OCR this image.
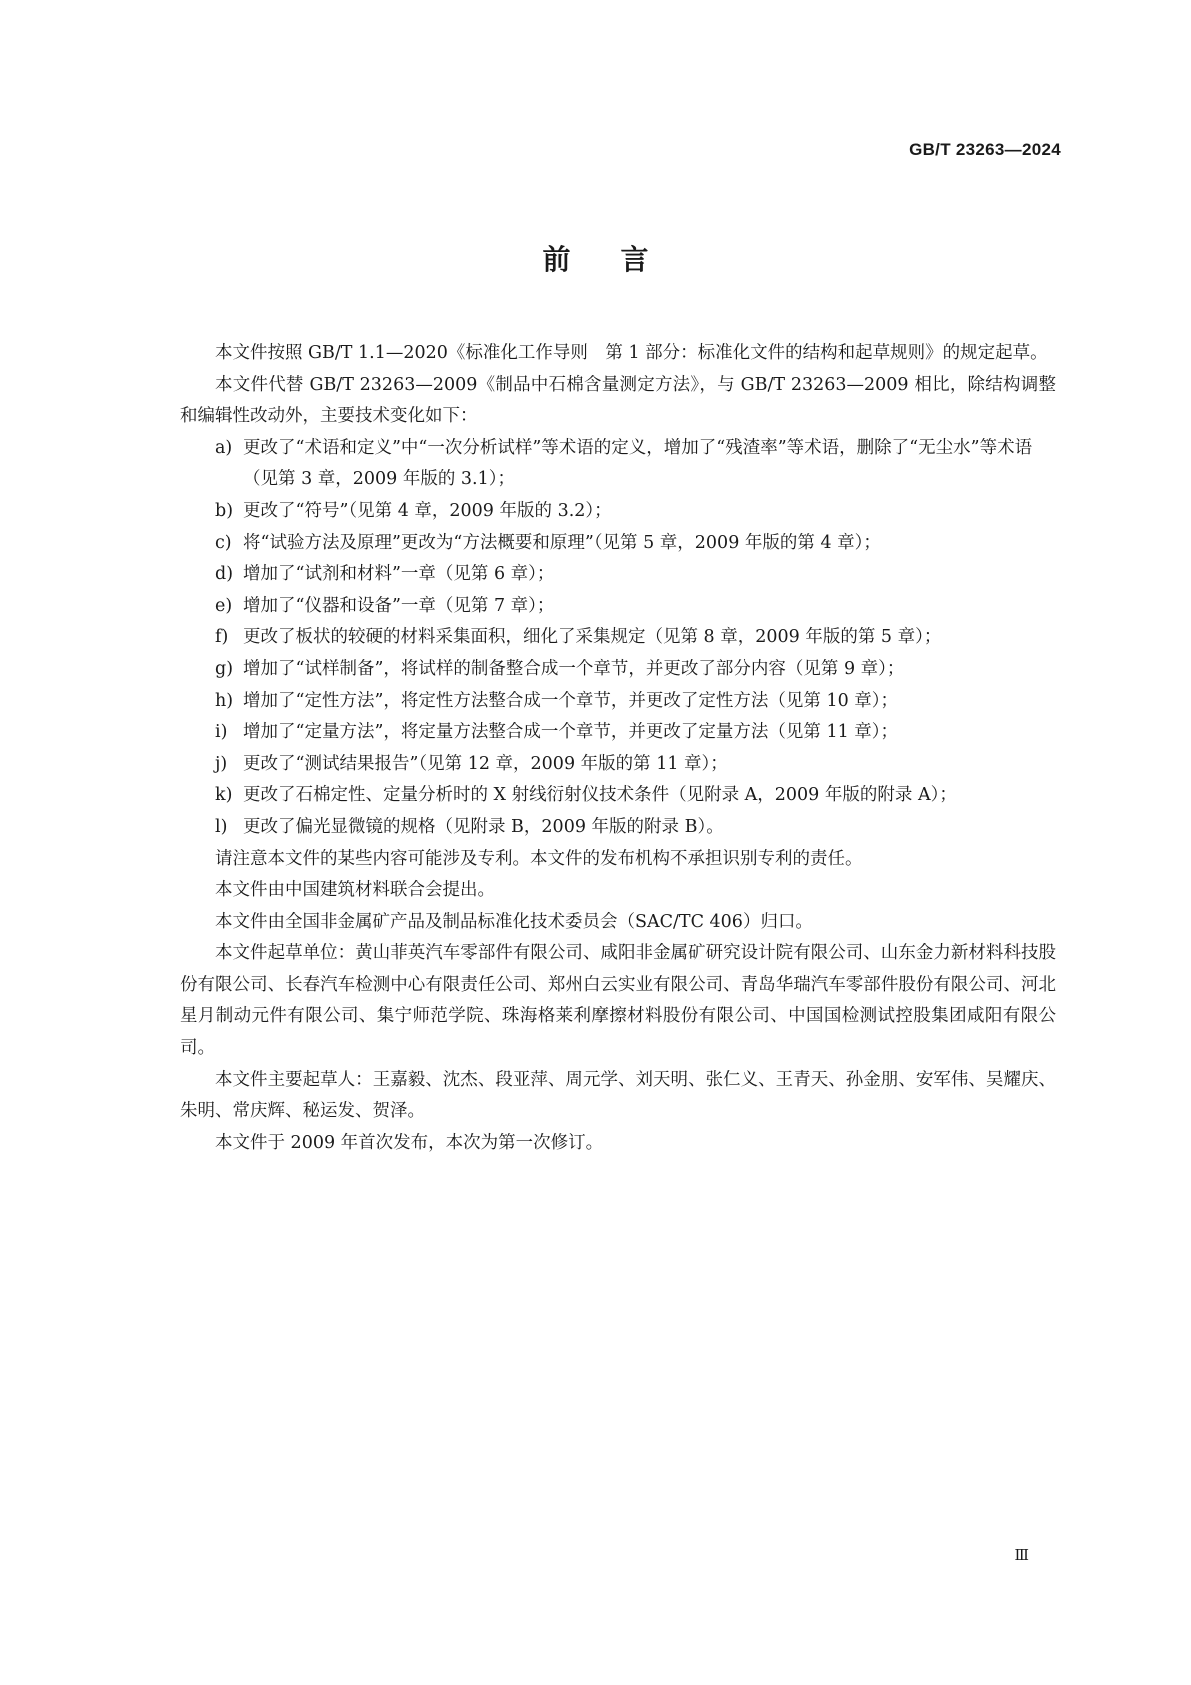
GB/T 23263—2024
前言

本文件按照 GB/T 1.1—2020《标准化工作导则　第 1 部分：标准化文件的结构和起草规则》的规定起草。

本文件代替 GB/T 23263—2009《制品中石棉含量测定方法》，与 GB/T 23263—2009 相比，除结构调整和编辑性改动外，主要技术变化如下：

a) 更改了“术语和定义”中“一次分析试样”等术语的定义，增加了“残渣率”等术语，删除了“无尘水”等术语（见第 3 章，2009 年版的 3.1）；
b) 更改了“符号”（见第 4 章，2009 年版的 3.2）；
c) 将“试验方法及原理”更改为“方法概要和原理”（见第 5 章，2009 年版的第 4 章）；
d) 增加了“试剂和材料”一章（见第 6 章）；
e) 增加了“仪器和设备”一章（见第 7 章）；
f) 更改了板状的较硬的材料采集面积，细化了采集规定（见第 8 章，2009 年版的第 5 章）；
g) 增加了“试样制备”，将试样的制备整合成一个章节，并更改了部分内容（见第 9 章）；
h) 增加了“定性方法”，将定性方法整合成一个章节，并更改了定性方法（见第 10 章）；
i) 增加了“定量方法”，将定量方法整合成一个章节，并更改了定量方法（见第 11 章）；
j) 更改了“测试结果报告”（见第 12 章，2009 年版的第 11 章）；
k) 更改了石棉定性、定量分析时的 X 射线衍射仪技术条件（见附录 A，2009 年版的附录 A）；
l) 更改了偏光显微镜的规格（见附录 B，2009 年版的附录 B）。

请注意本文件的某些内容可能涉及专利。本文件的发布机构不承担识别专利的责任。

本文件由中国建筑材料联合会提出。

本文件由全国非金属矿产品及制品标准化技术委员会（SAC/TC 406）归口。

本文件起草单位：黄山菲英汽车零部件有限公司、咸阳非金属矿研究设计院有限公司、山东金力新材料科技股份有限公司、长春汽车检测中心有限责任公司、郑州白云实业有限公司、青岛华瑞汽车零部件股份有限公司、河北星月制动元件有限公司、集宁师范学院、珠海格莱利摩擦材料股份有限公司、中国国检测试控股集团咸阳有限公司。

本文件主要起草人：王嘉毅、沈杰、段亚萍、周元学、刘天明、张仁义、王青天、孙金朋、安军伟、吴耀庆、朱明、常庆辉、秘运发、贺泽。

本文件于 2009 年首次发布，本次为第一次修订。

Ⅲ
